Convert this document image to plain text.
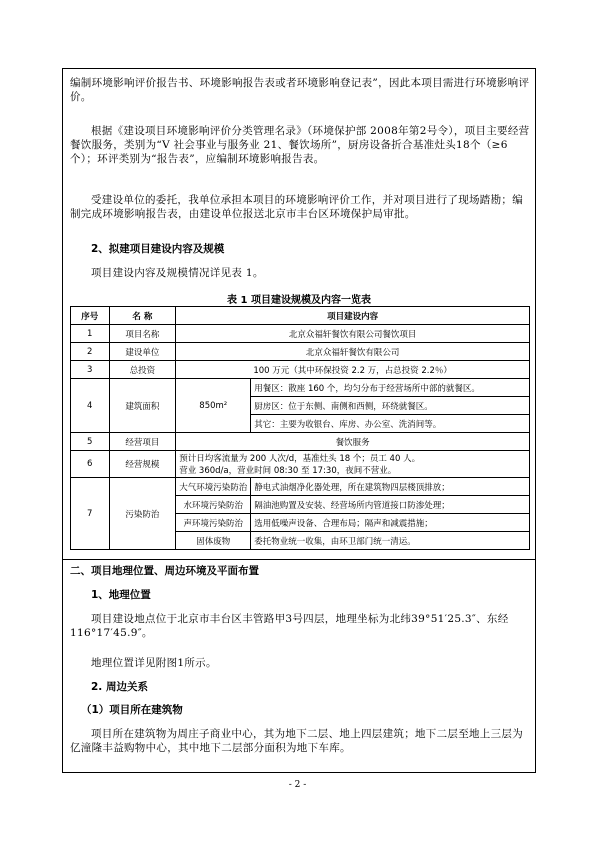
编制环境影响评价报告书、环境影响报告表或者环境影响登记表”，因此本项目需进行环境影响评价。
根据《建设项目环境影响评价分类管理名录》（环境保护部 2008年第2号令），项目主要经营餐饮服务，类别为“Ⅴ 社会事业与服务业 21、餐饮场所”，厨房设备折合基准灶头18个（≥6个）；环评类别为“报告表”，应编制环境影响报告表。
受建设单位的委托，我单位承担本项目的环境影响评价工作，并对项目进行了现场踏勘；编制完成环境影响报告表，由建设单位报送北京市丰台区环境保护局审批。
2、拟建项目建设内容及规模
项目建设内容及规模情况详见表 1。
表 1 项目建设规模及内容一览表
序号	名 称	项目建设内容	
1	项目名称	北京众福轩餐饮有限公司餐饮项目	
2	建设单位	北京众福轩餐饮有限公司	
3	总投资	100 万元（其中环保投资 2.2 万，占总投资 2.2％）	
4	建筑面积	850m²	用餐区：散座 160 个，均匀分布于经营场所中部的就餐区。
			厨房区：位于东侧、南侧和西侧，环绕就餐区。
			其它：主要为收银台、库房、办公室、洗消间等。
5	经营项目	餐饮服务	
6	经营规模	预计日均客流量为 200 人次/d，基准灶头 18 个；员工 40 人。
营业 360d/a，营业时间 08:30 至 17:30，夜间不营业。	

7	污染防治	大气环境污染防治	静电式油烟净化器处理，所在建筑物四层楼顶排放；
		水环境污染防治	隔油池购置及安装、经营场所内管道接口防渗处理；
		声环境污染防治	选用低噪声设备、合理布局；隔声和减震措施；
		固体废物	委托物业统一收集，由环卫部门统一清运。
二、项目地理位置、周边环境及平面布置
1、地理位置
项目建设地点位于北京市丰台区丰管路甲3号四层，地理坐标为北纬39°51′25.3″、东经116°17′45.9″。
地理位置详见附图1所示。
2. 周边关系
（1）项目所在建筑物
项目所在建筑物为周庄子商业中心，其为地下二层、地上四层建筑；地下二层至地上三层为亿潼隆丰益购物中心，其中地下二层部分面积为地下车库。
- 2 -
